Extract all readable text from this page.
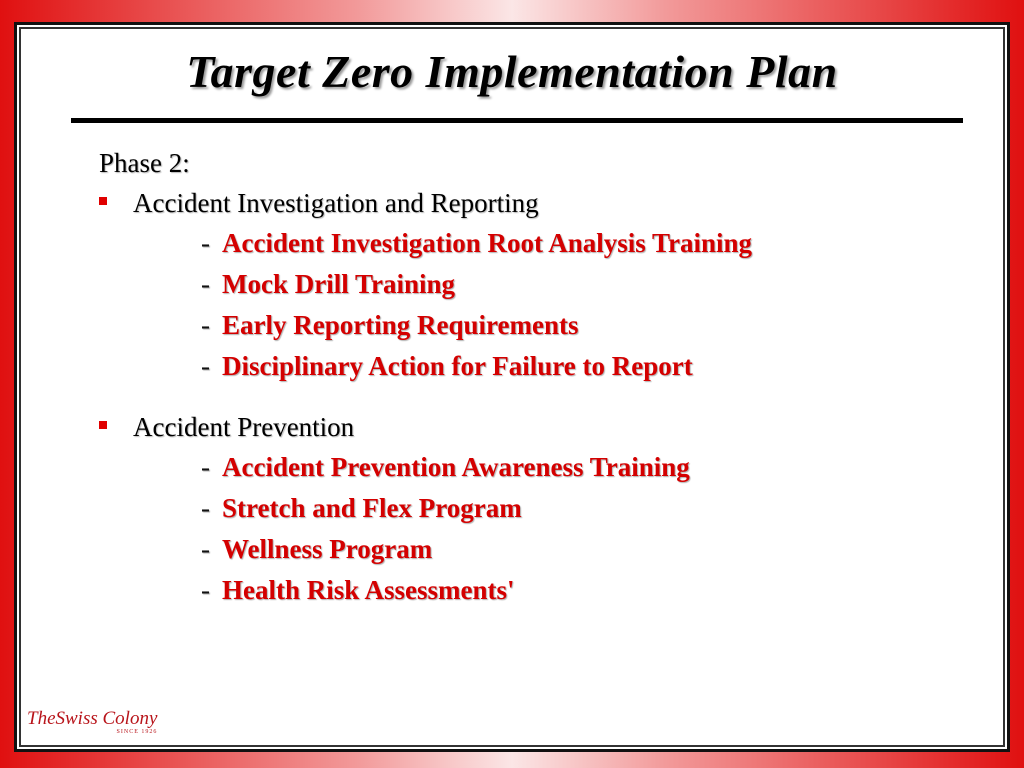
Target Zero Implementation Plan
Phase 2:
Accident Investigation and Reporting
- Accident Investigation Root Analysis Training
- Mock Drill Training
- Early Reporting Requirements
- Disciplinary Action for Failure to Report
Accident Prevention
- Accident Prevention Awareness Training
- Stretch and Flex Program
- Wellness Program
- Health Risk Assessments'
TheSwiss Colony
SINCE 1926
